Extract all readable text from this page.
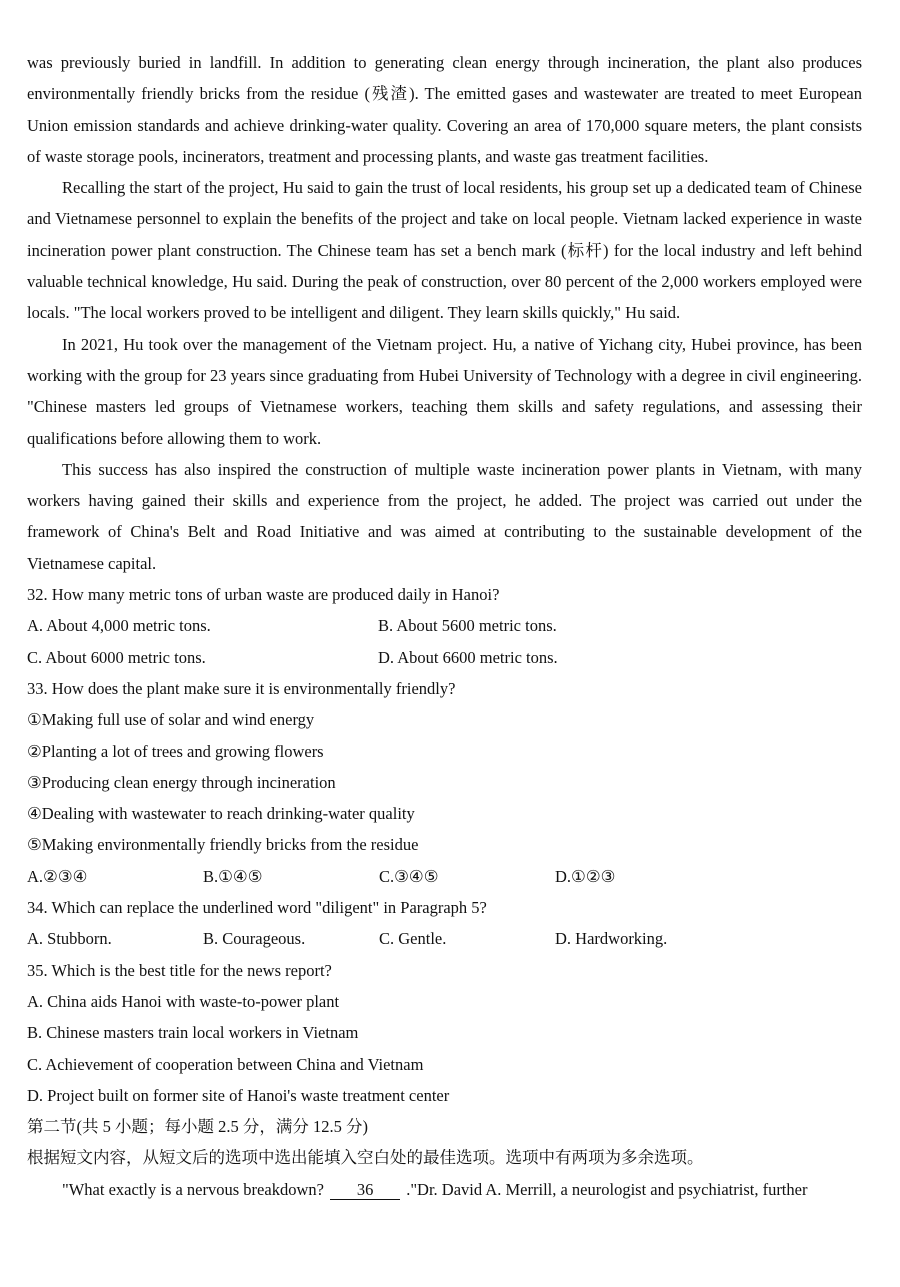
was previously buried in landfill. In addition to generating clean energy through incineration, the plant also produces environmentally friendly bricks from the residue (残渣). The emitted gases and wastewater are treated to meet European Union emission standards and achieve drinking-water quality. Covering an area of 170,000 square meters, the plant consists of waste storage pools, incinerators, treatment and processing plants, and waste gas treatment facilities.

Recalling the start of the project, Hu said to gain the trust of local residents, his group set up a dedicated team of Chinese and Vietnamese personnel to explain the benefits of the project and take on local people. Vietnam lacked experience in waste incineration power plant construction. The Chinese team has set a bench mark (标杆) for the local industry and left behind valuable technical knowledge, Hu said. During the peak of construction, over 80 percent of the 2,000 workers employed were locals. "The local workers proved to be intelligent and diligent. They learn skills quickly," Hu said.

In 2021, Hu took over the management of the Vietnam project. Hu, a native of Yichang city, Hubei province, has been working with the group for 23 years since graduating from Hubei University of Technology with a degree in civil engineering. "Chinese masters led groups of Vietnamese workers, teaching them skills and safety regulations, and assessing their qualifications before allowing them to work.

This success has also inspired the construction of multiple waste incineration power plants in Vietnam, with many workers having gained their skills and experience from the project, he added. The project was carried out under the framework of China's Belt and Road Initiative and was aimed at contributing to the sustainable development of the Vietnamese capital.

32. How many metric tons of urban waste are produced daily in Hanoi?

A. About 4,000 metric tons.	B. About 5600 metric tons.
C. About 6000 metric tons.	D. About 6600 metric tons.

33. How does the plant make sure it is environmentally friendly?

①Making full use of solar and wind energy

②Planting a lot of trees and growing flowers

③Producing clean energy through incineration

④Dealing with wastewater to reach drinking-water quality

⑤Making environmentally friendly bricks from the residue

A.②③④	B.①④⑤	C.③④⑤	D.①②③

34. Which can replace the underlined word "diligent" in Paragraph 5?

A. Stubborn.	B. Courageous.	C. Gentle.	D. Hardworking.

35. Which is the best title for the news report?

A. China aids Hanoi with waste-to-power plant

B. Chinese masters train local workers in Vietnam

C. Achievement of cooperation between China and Vietnam

D. Project built on former site of Hanoi's waste treatment center

第二节(共 5 小题；每小题 2.5 分，满分 12.5 分)

根据短文内容，从短文后的选项中选出能填入空白处的最佳选项。选项中有两项为多余选项。

"What exactly is a nervous breakdown? 36 ."Dr. David A. Merrill, a neurologist and psychiatrist, further
